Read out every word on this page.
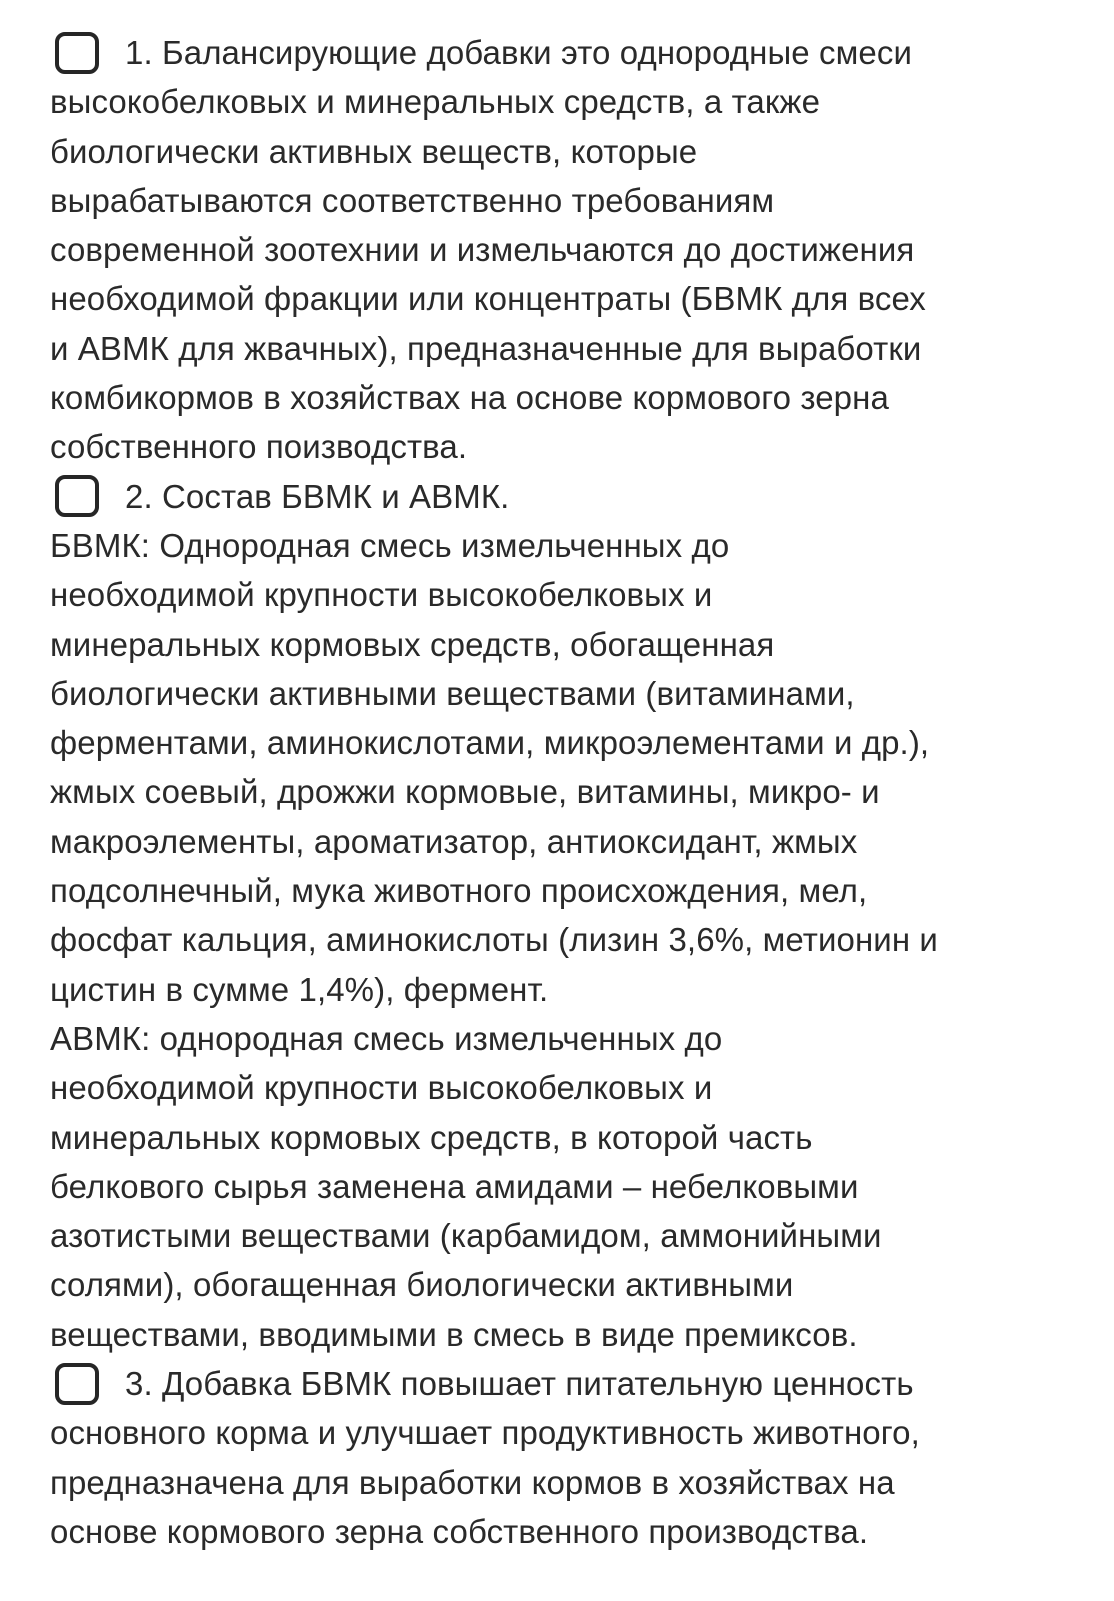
1. Балансирующие добавки это однородные смеси
высокобелковых и минеральных средств, а также
биологически активных веществ, которые
вырабатываются соответственно требованиям
современной зоотехнии и измельчаются до достижения
необходимой фракции или концентраты (БВМК для всех
и АВМК для жвачных), предназначенные для выработки
комбикормов в хозяйствах на основе кормового зерна
собственного поизводства.
2. Состав БВМК и АВМК.
БВМК: Однородная смесь измельченных до
необходимой крупности высокобелковых и
минеральных кормовых средств, обогащенная
биологически активными веществами (витаминами,
ферментами, аминокислотами, микроэлементами и др.),
жмых соевый, дрожжи кормовые, витамины, микро- и
макроэлементы, ароматизатор, антиоксидант, жмых
подсолнечный, мука животного происхождения, мел,
фосфат кальция, аминокислоты (лизин 3,6%, метионин и
цистин в сумме 1,4%), фермент.
АВМК: однородная смесь измельченных до
необходимой крупности высокобелковых и
минеральных кормовых средств, в которой часть
белкового сырья заменена амидами – небелковыми
азотистыми веществами (карбамидом, аммонийными
солями), обогащенная биологически активными
веществами, вводимыми в смесь в виде премиксов.
3. Добавка БВМК повышает питательную ценность
основного корма и улучшает продуктивность животного,
предназначена для выработки кормов в хозяйствах на
основе кормового зерна собственного производства.
